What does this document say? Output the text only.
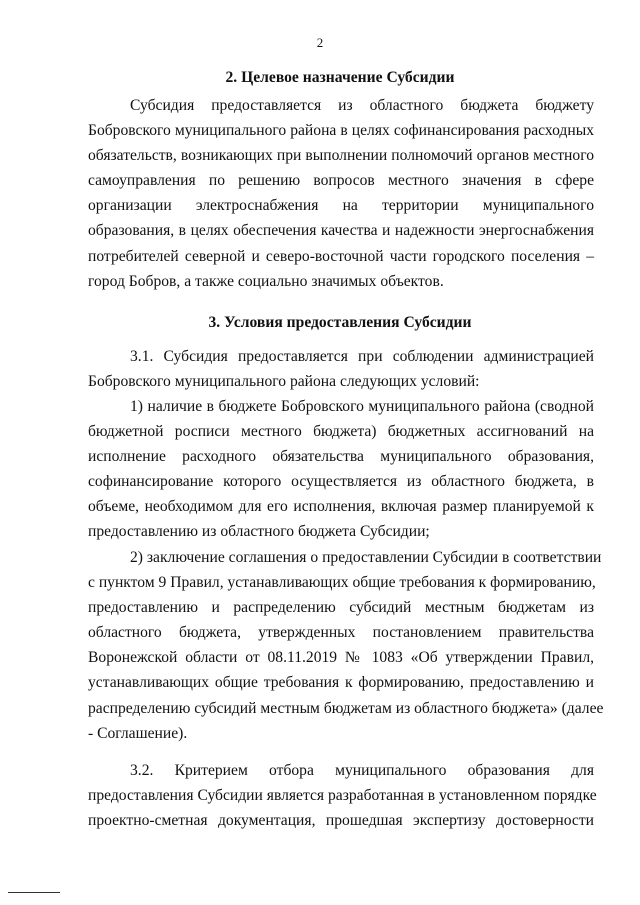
2
2. Целевое назначение Субсидии
Субсидия предоставляется из областного бюджета бюджету
Бобровского муниципального района в целях софинансирования расходных
обязательств, возникающих при выполнении полномочий органов местного
самоуправления по решению вопросов местного значения в сфере
организации электроснабжения на территории муниципального
образования, в целях обеспечения качества и надежности энергоснабжения
потребителей северной и северо-восточной части городского поселения –
город Бобров, а также социально значимых объектов.
3. Условия предоставления Субсидии
3.1. Субсидия предоставляется при соблюдении администрацией
Бобровского муниципального района следующих условий:
1) наличие в бюджете Бобровского муниципального района (сводной
бюджетной росписи местного бюджета) бюджетных ассигнований на
исполнение расходного обязательства муниципального образования,
софинансирование которого осуществляется из областного бюджета, в
объеме, необходимом для его исполнения, включая размер планируемой к
предоставлению из областного бюджета Субсидии;
2) заключение соглашения о предоставлении Субсидии в соответствии
с пунктом 9 Правил, устанавливающих общие требования к формированию,
предоставлению и распределению субсидий местным бюджетам из
областного бюджета, утвержденных постановлением правительства
Воронежской области от 08.11.2019 № 1083 «Об утверждении Правил,
устанавливающих общие требования к формированию, предоставлению и
распределению субсидий местным бюджетам из областного бюджета» (далее
- Соглашение).
3.2. Критерием отбора муниципального образования для
предоставления Субсидии является разработанная в установленном порядке
проектно-сметная документация, прошедшая экспертизу достоверности
